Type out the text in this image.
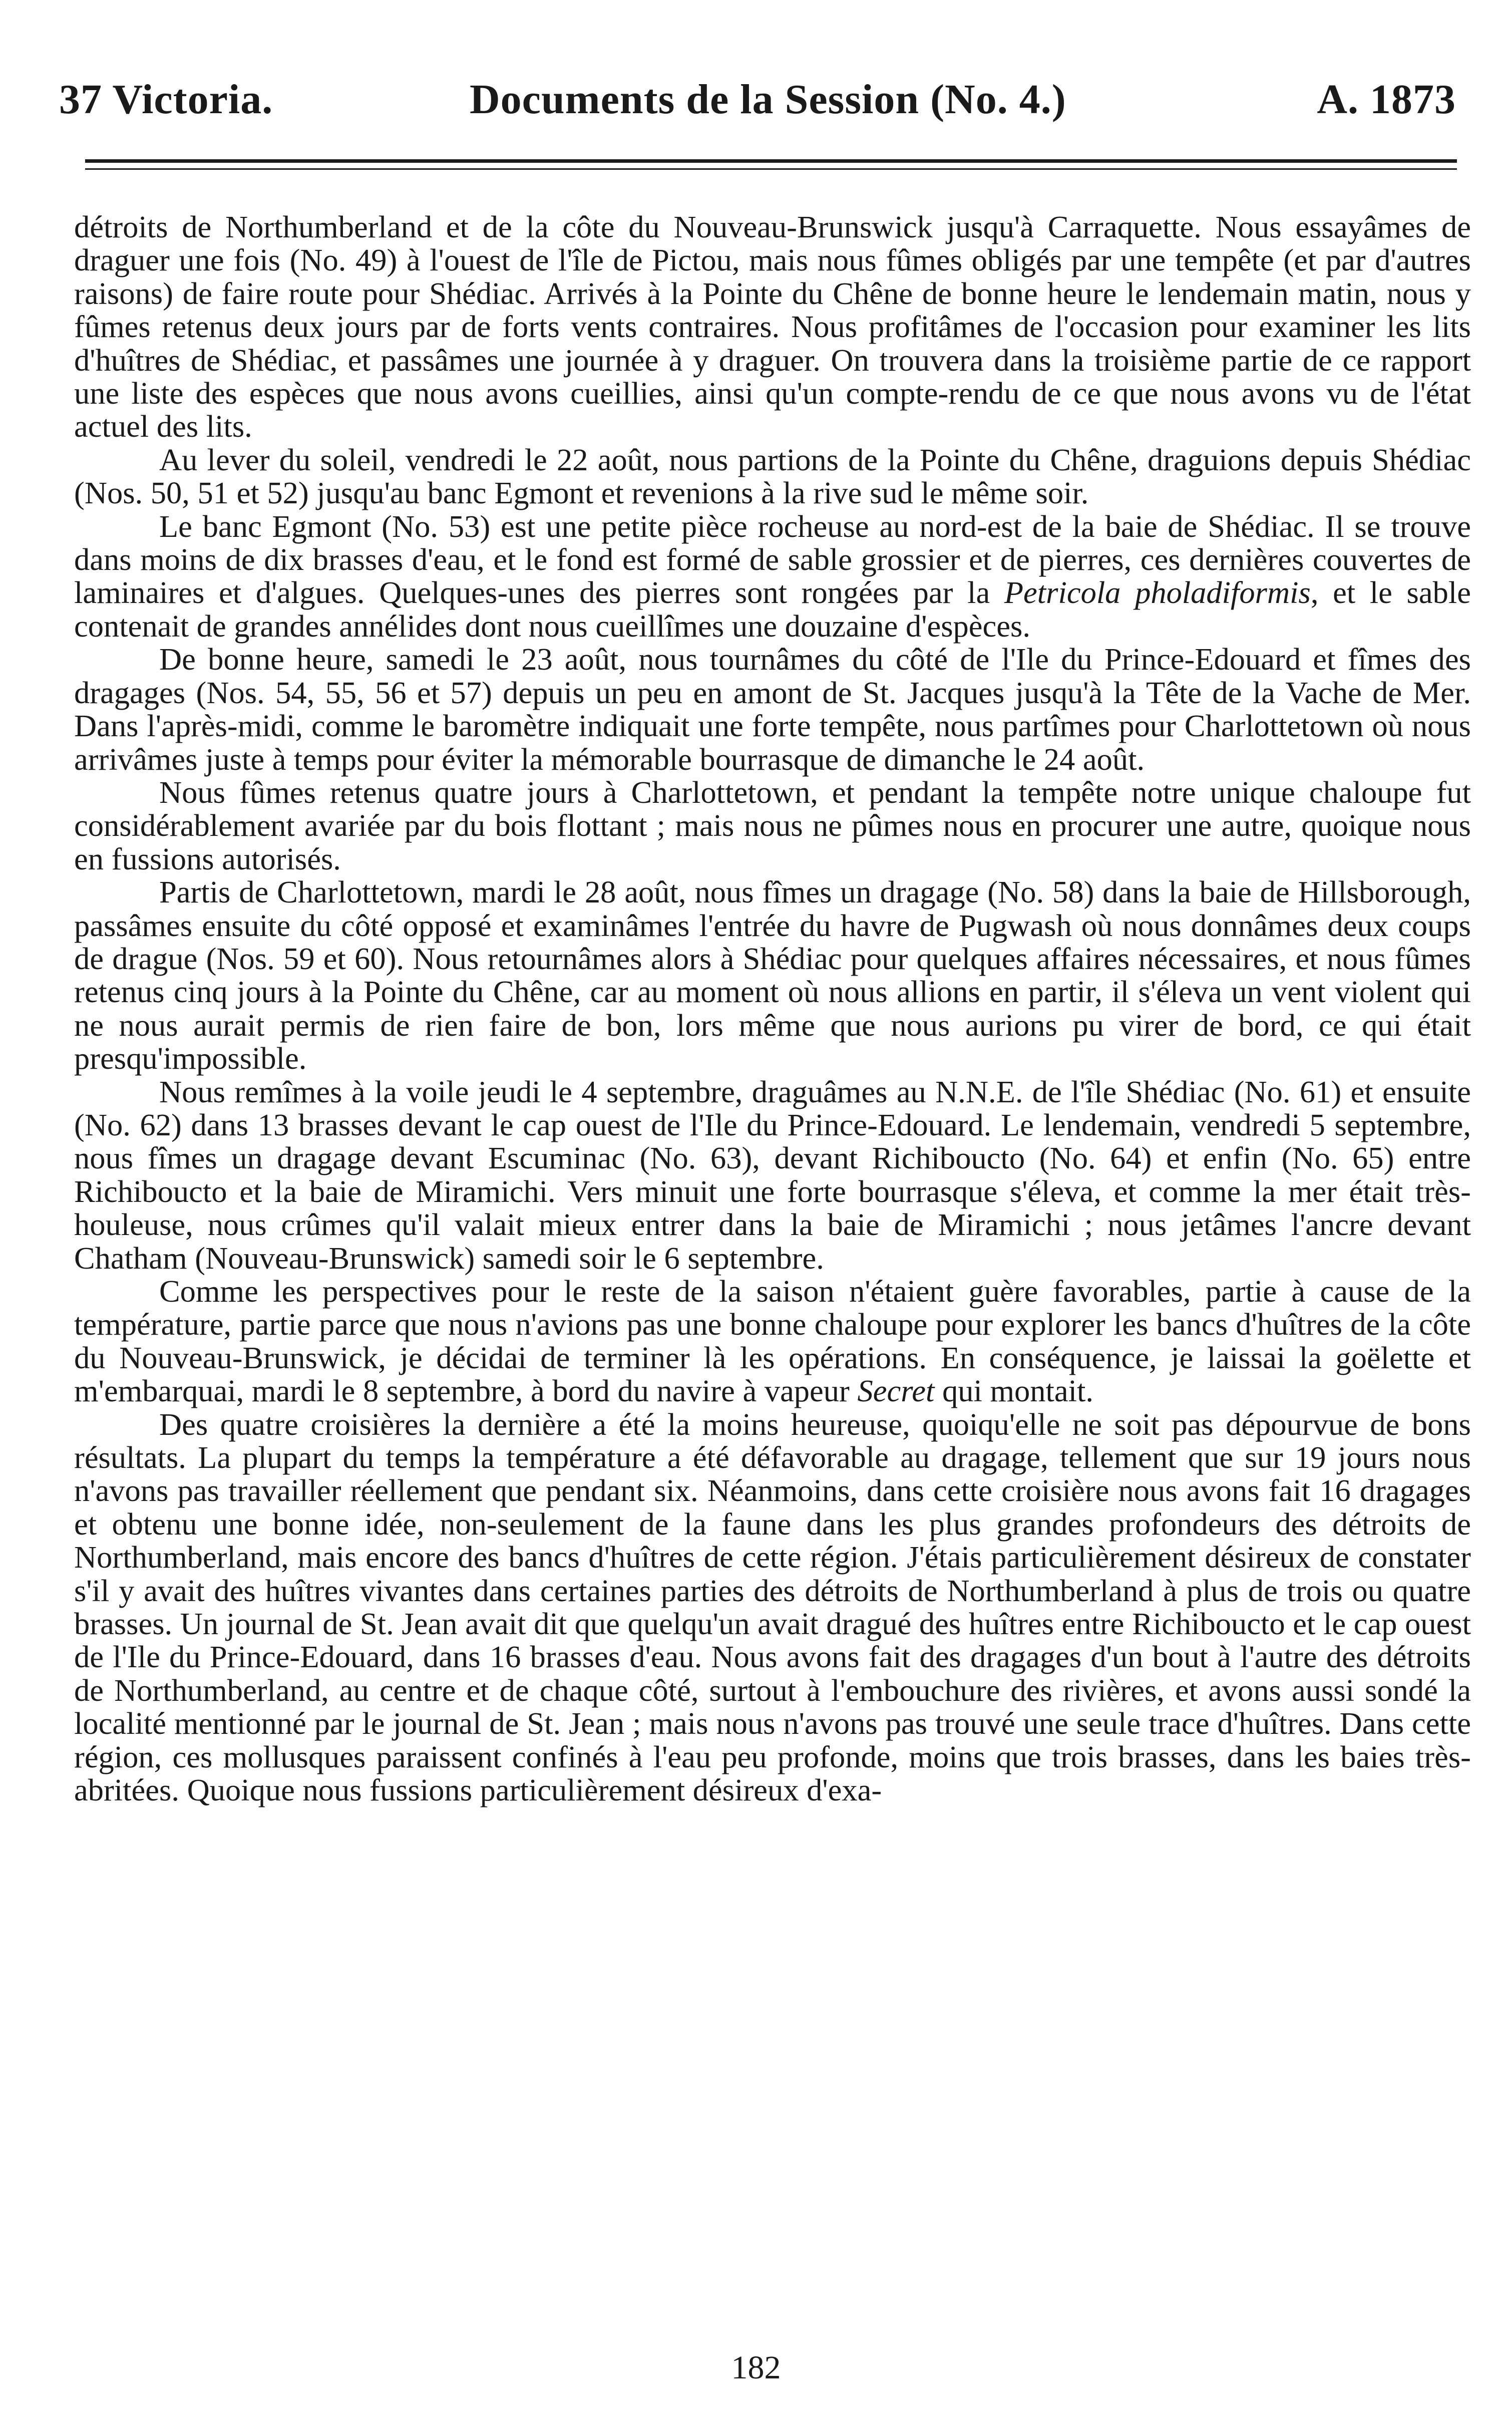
37 Victoria.	Documents de la Session (No. 4.)	A. 1873

détroits de Northumberland et de la côte du Nouveau-Brunswick jusqu'à Carraquette. Nous essayâmes de draguer une fois (No. 49) à l'ouest de l'île de Pictou, mais nous fûmes obligés par une tempête (et par d'autres raisons) de faire route pour Shédiac. Arrivés à la Pointe du Chêne de bonne heure le lendemain matin, nous y fûmes retenus deux jours par de forts vents contraires. Nous profitâmes de l'occasion pour examiner les lits d'huîtres de Shédiac, et passâmes une journée à y draguer. On trouvera dans la troisième partie de ce rapport une liste des espèces que nous avons cueillies, ainsi qu'un compte-rendu de ce que nous avons vu de l'état actuel des lits.

Au lever du soleil, vendredi le 22 août, nous partions de la Pointe du Chêne, draguions depuis Shédiac (Nos. 50, 51 et 52) jusqu'au banc Egmont et revenions à la rive sud le même soir.

Le banc Egmont (No. 53) est une petite pièce rocheuse au nord-est de la baie de Shédiac. Il se trouve dans moins de dix brasses d'eau, et le fond est formé de sable grossier et de pierres, ces dernières couvertes de laminaires et d'algues. Quelques-unes des pierres sont rongées par la Petricola pholadiformis, et le sable contenait de grandes annélides dont nous cueillîmes une douzaine d'espèces.

De bonne heure, samedi le 23 août, nous tournâmes du côté de l'Ile du Prince-Edouard et fîmes des dragages (Nos. 54, 55, 56 et 57) depuis un peu en amont de St. Jacques jusqu'à la Tête de la Vache de Mer. Dans l'après-midi, comme le baromètre indiquait une forte tempête, nous partîmes pour Charlottetown où nous arrivâmes juste à temps pour éviter la mémorable bourrasque de dimanche le 24 août.

Nous fûmes retenus quatre jours à Charlottetown, et pendant la tempête notre unique chaloupe fut considérablement avariée par du bois flottant ; mais nous ne pûmes nous en procurer une autre, quoique nous en fussions autorisés.

Partis de Charlottetown, mardi le 28 août, nous fîmes un dragage (No. 58) dans la baie de Hillsborough, passâmes ensuite du côté opposé et examinâmes l'entrée du havre de Pugwash où nous donnâmes deux coups de drague (Nos. 59 et 60). Nous retournâmes alors à Shédiac pour quelques affaires nécessaires, et nous fûmes retenus cinq jours à la Pointe du Chêne, car au moment où nous allions en partir, il s'éleva un vent violent qui ne nous aurait permis de rien faire de bon, lors même que nous aurions pu virer de bord, ce qui était presqu'impossible.

Nous remîmes à la voile jeudi le 4 septembre, draguâmes au N.N.E. de l'île Shédiac (No. 61) et ensuite (No. 62) dans 13 brasses devant le cap ouest de l'Ile du Prince-Edouard. Le lendemain, vendredi 5 septembre, nous fîmes un dragage devant Escuminac (No. 63), devant Richibouсto (No. 64) et enfin (No. 65) entre Richibouсto et la baie de Miramichi. Vers minuit une forte bourrasque s'éleva, et comme la mer était très-houleuse, nous crûmes qu'il valait mieux entrer dans la baie de Miramichi ; nous jetâmes l'ancre devant Chatham (Nouveau-Brunswick) samedi soir le 6 septembre.

Comme les perspectives pour le reste de la saison n'étaient guère favorables, partie à cause de la température, partie parce que nous n'avions pas une bonne chaloupe pour explorer les bancs d'huîtres de la côte du Nouveau-Brunswick, je décidai de terminer là les opérations. En conséquence, je laissai la goëlette et m'embarquai, mardi le 8 septembre, à bord du navire à vapeur Secret qui montait.

Des quatre croisières la dernière a été la moins heureuse, quoiqu'elle ne soit pas dépourvue de bons résultats. La plupart du temps la température a été défavorable au dragage, tellement que sur 19 jours nous n'avons pas travailler réellement que pendant six. Néanmoins, dans cette croisière nous avons fait 16 dragages et obtenu une bonne idée, non-seulement de la faune dans les plus grandes profondeurs des détroits de Northumberland, mais encore des bancs d'huîtres de cette région. J'étais particulièrement désireux de constater s'il y avait des huîtres vivantes dans certaines parties des détroits de Northumberland à plus de trois ou quatre brasses. Un journal de St. Jean avait dit que quelqu'un avait dragué des huîtres entre Richibouсto et le cap ouest de l'Ile du Prince-Edouard, dans 16 brasses d'eau. Nous avons fait des dragages d'un bout à l'autre des détroits de Northumberland, au centre et de chaque côté, surtout à l'embouchure des rivières, et avons aussi sondé la localité mentionné par le journal de St. Jean ; mais nous n'avons pas trouvé une seule trace d'huîtres. Dans cette région, ces mollusques paraissent confinés à l'eau peu profonde, moins que trois brasses, dans les baies très-abritées. Quoique nous fussions particulièrement désireux d'exa-

182
